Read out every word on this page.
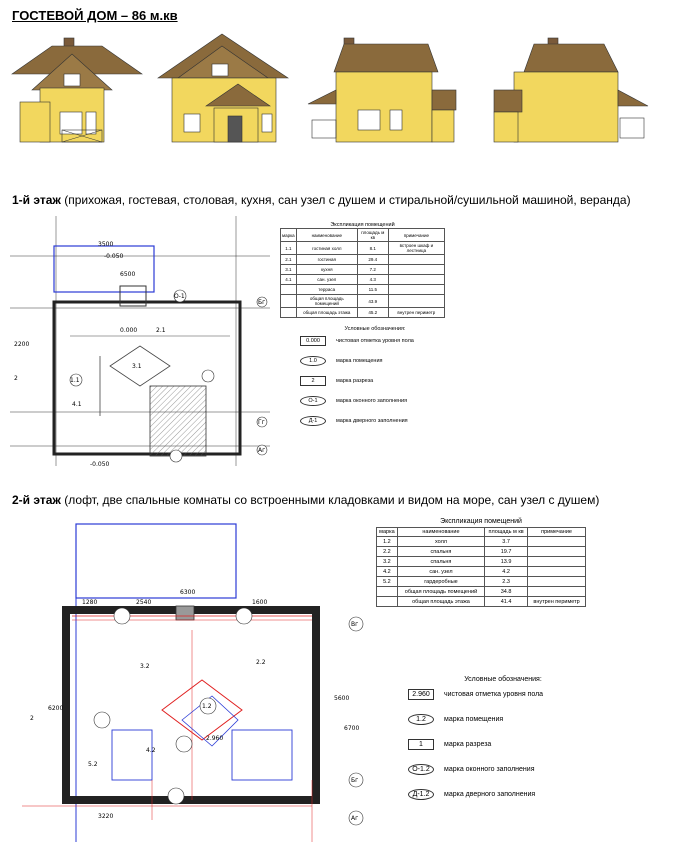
ГОСТЕВОЙ ДОМ – 86 м.кв
1-й этаж (прихожая, гостевая, столовая, кухня, сан узел с душем и стиральной/сушильной машиной, веранда)
3500
6500
2200
0.000
-0.050
-0.050
2.1
1.1
3.1
4.1
Бг
Гг
Аг
2
О-1
Экспликация помещений
марка	наименование	площадь м кв	примечание
1.1	гостиная холл	8.1	встроен шкаф и лестница
2.1	гостиная	29.4	
3.1	кухня	7.2	
4.1	сан. узел	4.3	
	терраса	11.5	
	общая площадь помещений	43.9	
	общая площадь этажа	45.2	внутрен периметр
Условные обозначения:
0.000	чистовая отметка уровня пола
1.0	марка помещения
2	марка разреза
О-1	марка оконного заполнения
Д-1	марка дверного заполнения
2-й этаж (лофт, две спальные комнаты со встроенными кладовками и видом на море, сан узел с душем)
6300
1280	2540	1600
2.960
3.2
2.2
1.2
4.2
5.2
Вг
Бг
Аг
2
5600
6700
6200
3220
Экспликация помещений
марка	наименование	площадь м кв	примечание
1.2	холл	3.7	
2.2	спальня	19.7	
3.2	спальня	13.9	
4.2	сан. узел	4.2	
5.2	гардеробные	2.3	
	общая площадь помещений	34.8	
	общая площадь этажа	41.4	внутрен периметр
Условные обозначения:
2.960	чистовая отметка уровня пола
1.2	марка помещения
1	марка разреза
О-1.2	марка оконного заполнения
Д-1.2	марка дверного заполнения
